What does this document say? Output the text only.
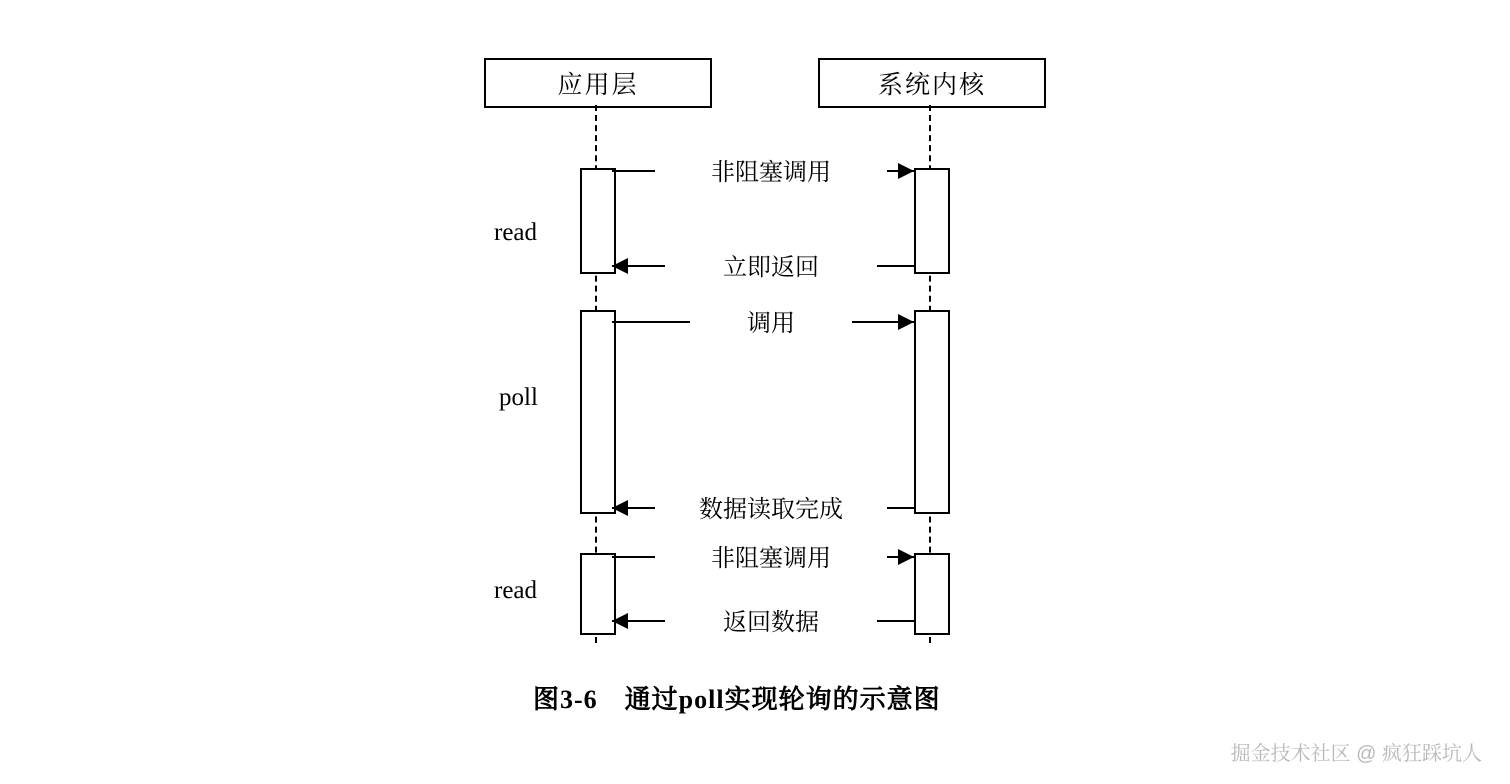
应用层	系统内核
非阻塞调用
立即返回
调用
数据读取完成
非阻塞调用
返回数据
read
poll
read
图3-6　通过poll实现轮询的示意图
掘金技术社区 @ 疯狂踩坑人
